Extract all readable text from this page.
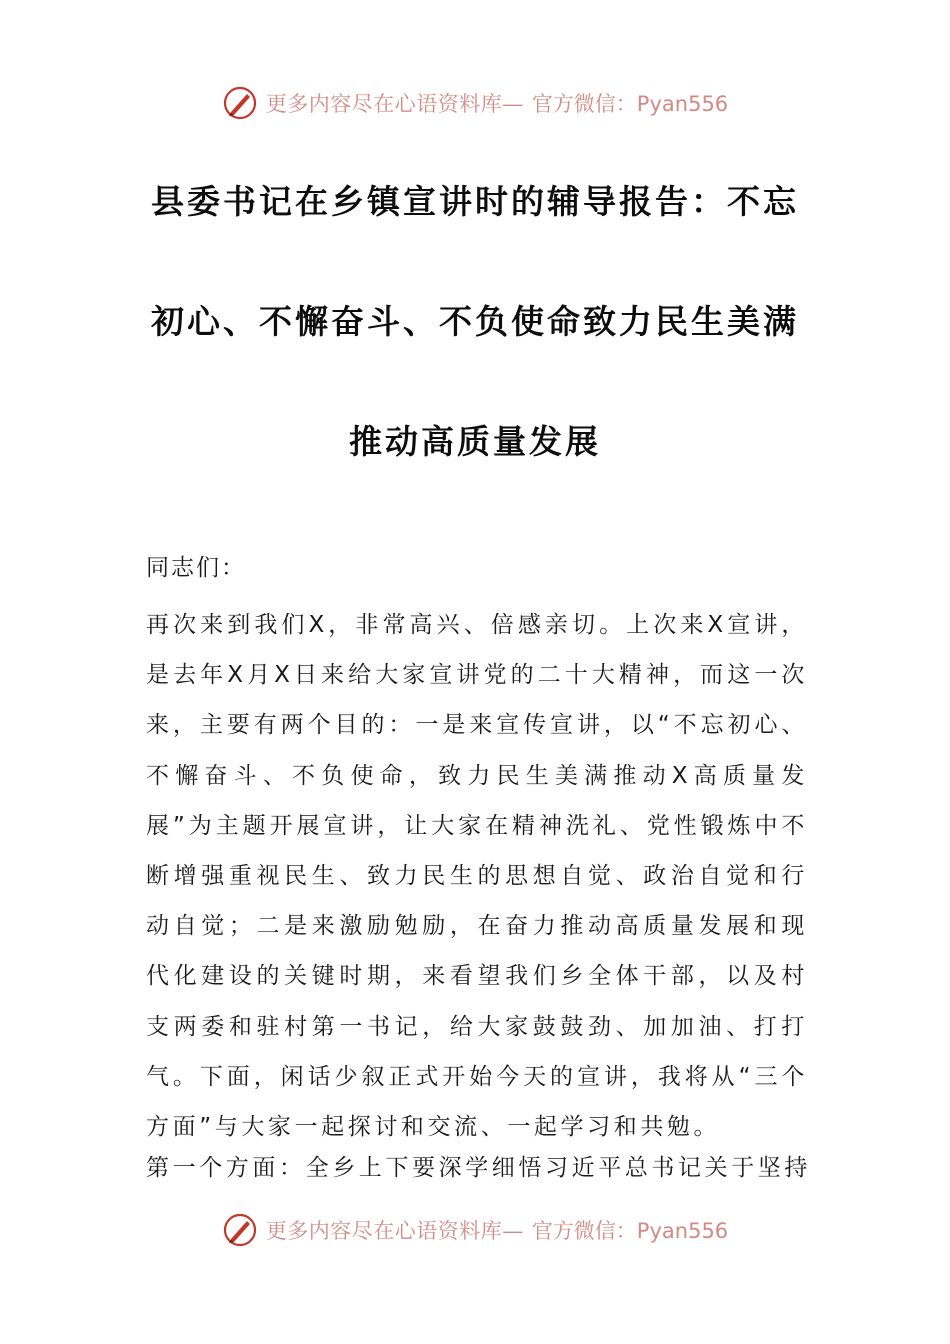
更多内容尽在心语资料库— 官方微信：Pyan556
县委书记在乡镇宣讲时的辅导报告：不忘
初心、不懈奋斗、不负使命致力民生美满
推动高质量发展
同志们：
再次来到我们X，非常高兴、倍感亲切。上次来X宣讲，是去年X月X日来给大家宣讲党的二十大精神，而这一次来，主要有两个目的：一是来宣传宣讲，以“不忘初心、不懈奋斗、不负使命，致力民生美满推动X高质量发展”为主题开展宣讲，让大家在精神洗礼、党性锻炼中不断增强重视民生、致力民生的思想自觉、政治自觉和行动自觉；二是来激励勉励，在奋力推动高质量发展和现代化建设的关键时期，来看望我们乡全体干部，以及村支两委和驻村第一书记，给大家鼓鼓劲、加加油、打打气。下面，闲话少叙正式开始今天的宣讲，我将从“三个方面”与大家一起探讨和交流、一起学习和共勉。
第一个方面：全乡上下要深学细悟习近平总书记关于坚持
更多内容尽在心语资料库— 官方微信：Pyan556
